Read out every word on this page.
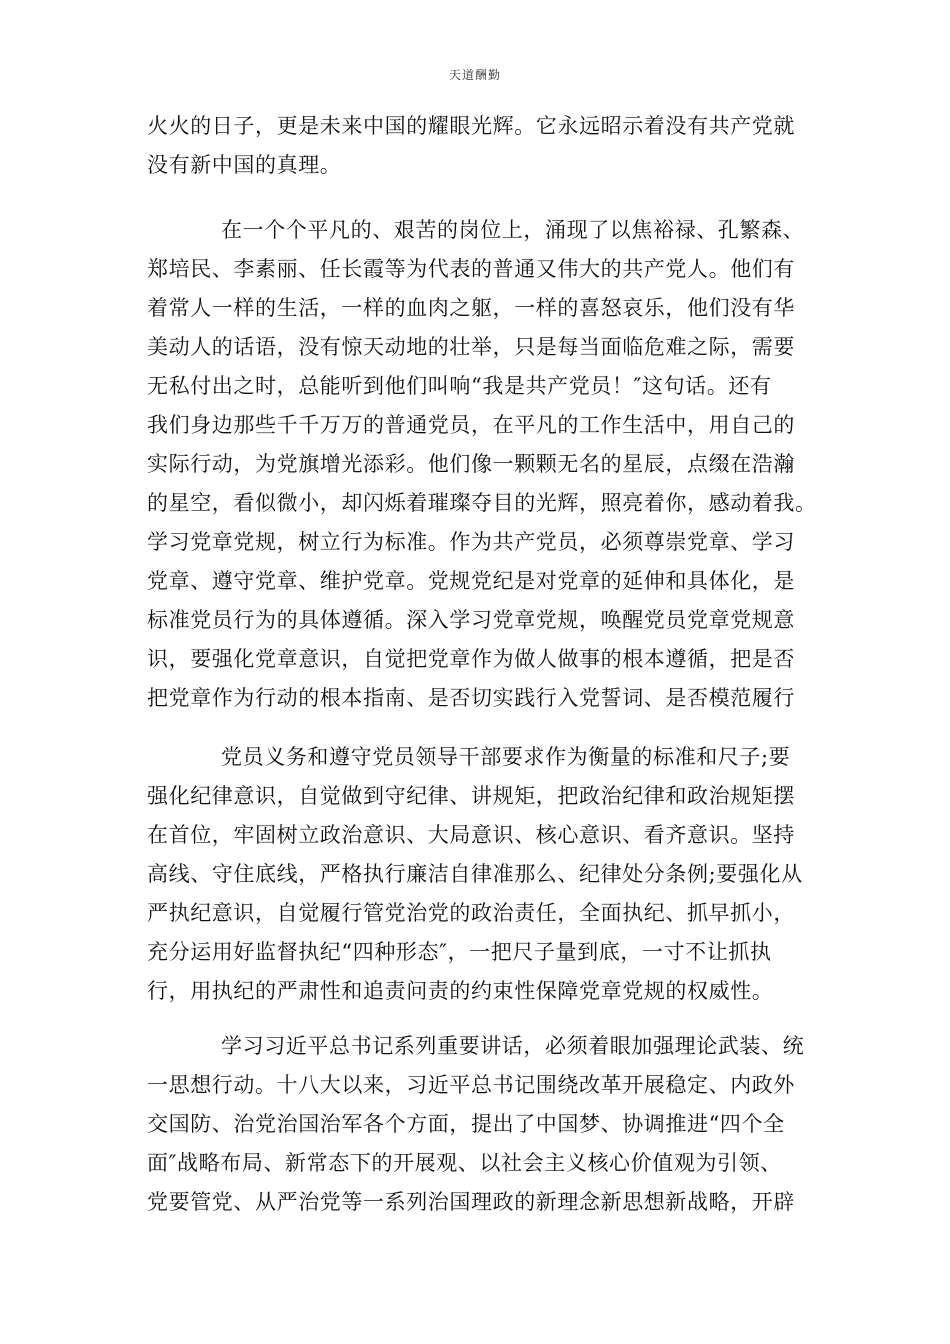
天道酬勤
火火的日子，更是未来中国的耀眼光辉。它永远昭示着没有共产党就
没有新中国的真理。
在一个个平凡的、艰苦的岗位上，涌现了以焦裕禄、孔繁森、
郑培民、李素丽、任长霞等为代表的普通又伟大的共产党人。他们有
着常人一样的生活，一样的血肉之躯，一样的喜怒哀乐，他们没有华
美动人的话语，没有惊天动地的壮举，只是每当面临危难之际，需要
无私付出之时，总能听到他们叫响“我是共产党员！″这句话。还有
我们身边那些千千万万的普通党员，在平凡的工作生活中，用自己的
实际行动，为党旗增光添彩。他们像一颗颗无名的星辰，点缀在浩瀚
的星空，看似微小，却闪烁着璀璨夺目的光辉，照亮着你，感动着我。
学习党章党规，树立行为标准。作为共产党员，必须尊崇党章、学习
党章、遵守党章、维护党章。党规党纪是对党章的延伸和具体化，是
标准党员行为的具体遵循。深入学习党章党规，唤醒党员党章党规意
识，要强化党章意识，自觉把党章作为做人做事的根本遵循，把是否
把党章作为行动的根本指南、是否切实践行入党誓词、是否模范履行
党员义务和遵守党员领导干部要求作为衡量的标准和尺子;要
强化纪律意识，自觉做到守纪律、讲规矩，把政治纪律和政治规矩摆
在首位，牢固树立政治意识、大局意识、核心意识、看齐意识。坚持
高线、守住底线，严格执行廉洁自律准那么、纪律处分条例;要强化从
严执纪意识，自觉履行管党治党的政治责任，全面执纪、抓早抓小，
充分运用好监督执纪“四种形态″，一把尺子量到底，一寸不让抓执
行，用执纪的严肃性和追责问责的约束性保障党章党规的权威性。
学习习近平总书记系列重要讲话，必须着眼加强理论武装、统
一思想行动。十八大以来，习近平总书记围绕改革开展稳定、内政外
交国防、治党治国治军各个方面，提出了中国梦、协调推进“四个全
面″战略布局、新常态下的开展观、以社会主义核心价值观为引领、
党要管党、从严治党等一系列治国理政的新理念新思想新战略，开辟
